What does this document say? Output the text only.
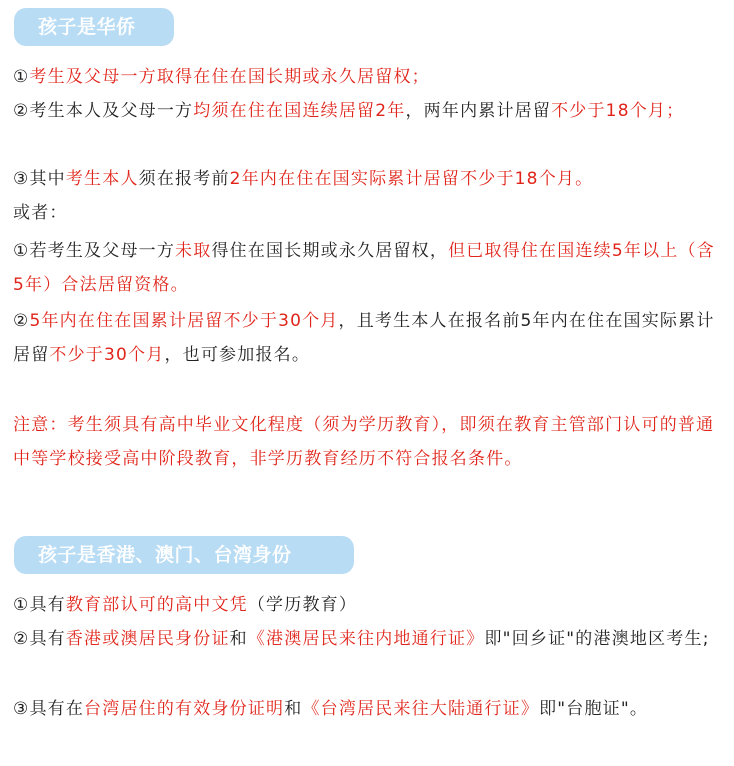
孩子是华侨
①考生及父母一方取得在住在国长期或永久居留权；
②考生本人及父母一方均须在住在国连续居留2年，两年内累计居留不少于18个月；
③其中考生本人须在报考前2年内在住在国实际累计居留不少于18个月。
或者：
①若考生及父母一方未取得住在国长期或永久居留权，但已取得住在国连续5年以上（含5年）合法居留资格。
②5年内在住在国累计居留不少于30个月，且考生本人在报名前5年内在住在国实际累计居留不少于30个月，也可参加报名。
注意：考生须具有高中毕业文化程度（须为学历教育），即须在教育主管部门认可的普通中等学校接受高中阶段教育，非学历教育经历不符合报名条件。
孩子是香港、澳门、台湾身份
①具有教育部认可的高中文凭（学历教育）
②具有香港或澳居民身份证和《港澳居民来往内地通行证》即"回乡证"的港澳地区考生;
③具有在台湾居住的有效身份证明和《台湾居民来往大陆通行证》即"台胞证"。
